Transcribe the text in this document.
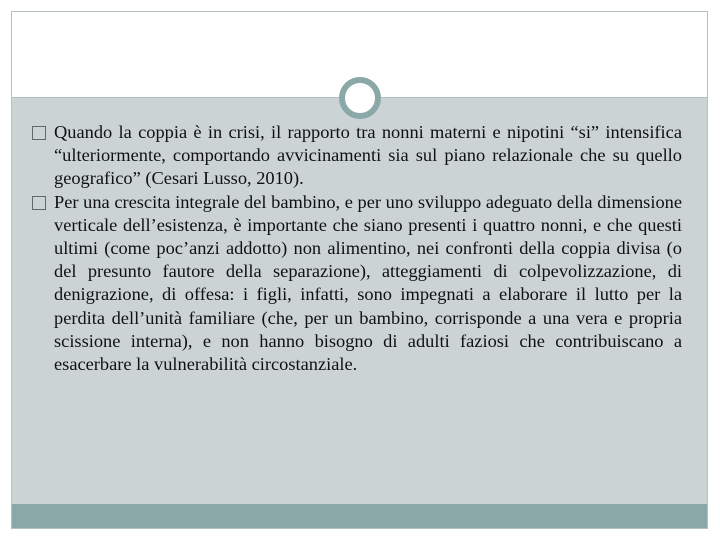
Quando la coppia è in crisi, il rapporto tra nonni materni e nipotini “si” intensifica “ulteriormente, comportando avvicinamenti sia sul piano relazionale che su quello geografico” (Cesari Lusso, 2010).

Per una crescita integrale del bambino, e per uno sviluppo adeguato della dimensione verticale dell’esistenza, è importante che siano presenti i quattro nonni, e che questi ultimi (come poc’anzi addotto) non alimentino, nei confronti della coppia divisa (o del presunto fautore della separazione), atteggiamenti di colpevolizzazione, di denigrazione, di offesa: i figli, infatti, sono impegnati a elaborare il lutto per la perdita dell’unità familiare (che, per un bambino, corrisponde a una vera e propria scissione interna), e non hanno bisogno di adulti faziosi che contribuiscano a esacerbare la vulnerabilità circostanziale.
